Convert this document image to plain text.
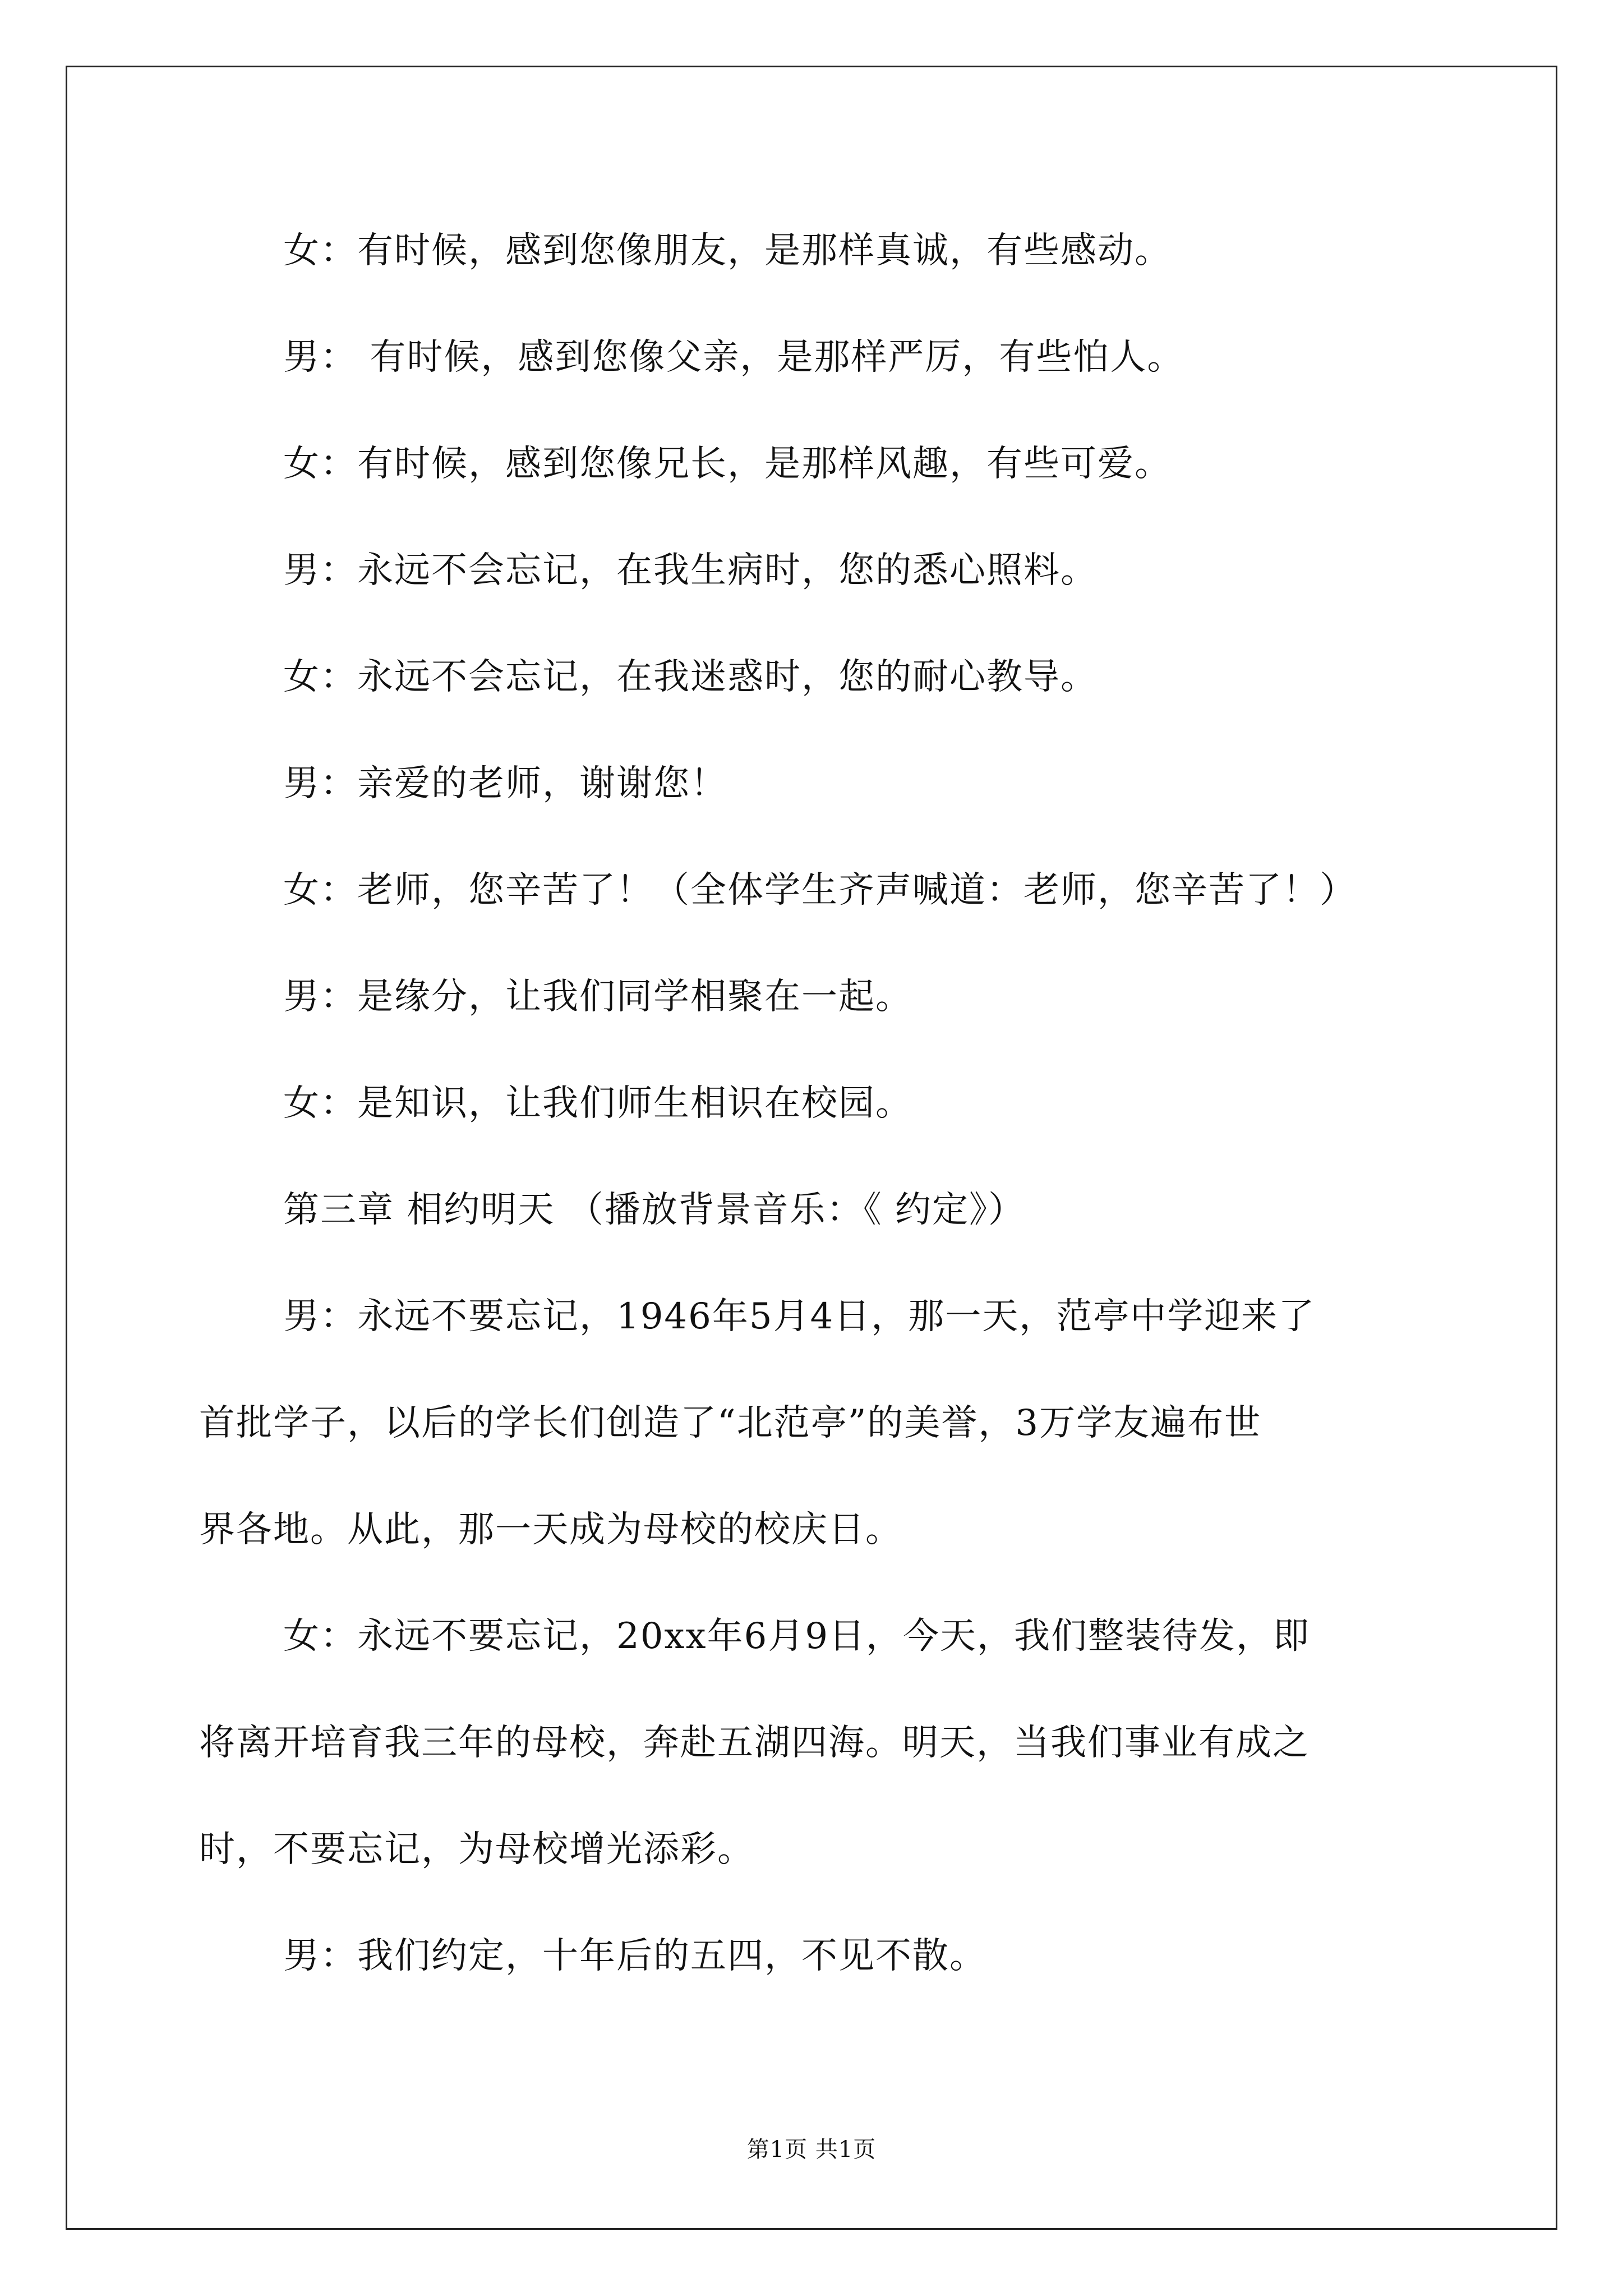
女：有时候，感到您像朋友，是那样真诚，有些感动。
男： 有时候，感到您像父亲，是那样严厉，有些怕人。
女：有时候，感到您像兄长，是那样风趣，有些可爱。
男：永远不会忘记，在我生病时，您的悉心照料。
女：永远不会忘记，在我迷惑时，您的耐心教导。
男：亲爱的老师，谢谢您！
女：老师，您辛苦了！（全体学生齐声喊道：老师，您辛苦了！）
男：是缘分，让我们同学相聚在一起。
女：是知识，让我们师生相识在校园。
第三章 相约明天 （播放背景音乐：《 约定》）
男：永远不要忘记，1946年5月4日，那一天，范亭中学迎来了
首批学子，以后的学长们创造了“北范亭”的美誉，3万学友遍布世
界各地。从此，那一天成为母校的校庆日。
女：永远不要忘记，20xx年6月9日，今天，我们整装待发，即
将离开培育我三年的母校，奔赴五湖四海。明天，当我们事业有成之
时，不要忘记，为母校增光添彩。
男：我们约定，十年后的五四，不见不散。
第1页 共1页
